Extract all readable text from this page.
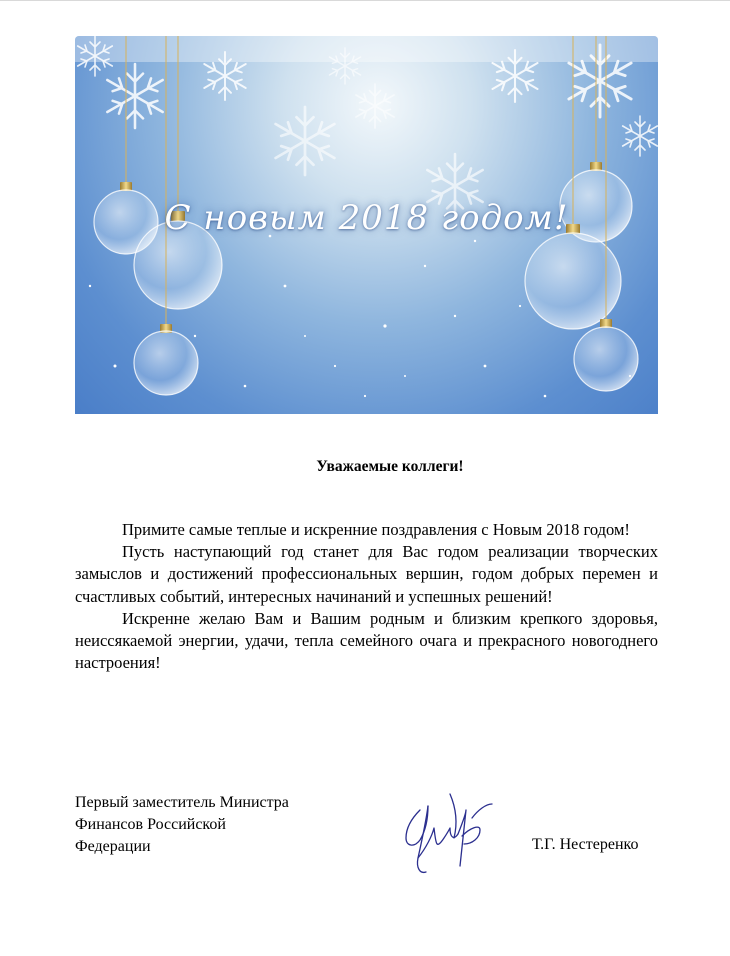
С новым 2018 годом!
Уважаемые коллеги!

Примите самые теплые и искренние поздравления с Новым 2018 годом!

Пусть наступающий год станет для Вас годом реализации творческих замыслов и достижений профессиональных вершин, годом добрых перемен и счастливых событий, интересных начинаний и успешных решений!

Искренне желаю Вам и Вашим родным и близким крепкого здоровья, неиссякаемой энергии, удачи, тепла семейного очага и прекрасного новогоднего настроения!

Первый заместитель Министра
Финансов Российской
Федерации	Т.Г. Нестеренко
